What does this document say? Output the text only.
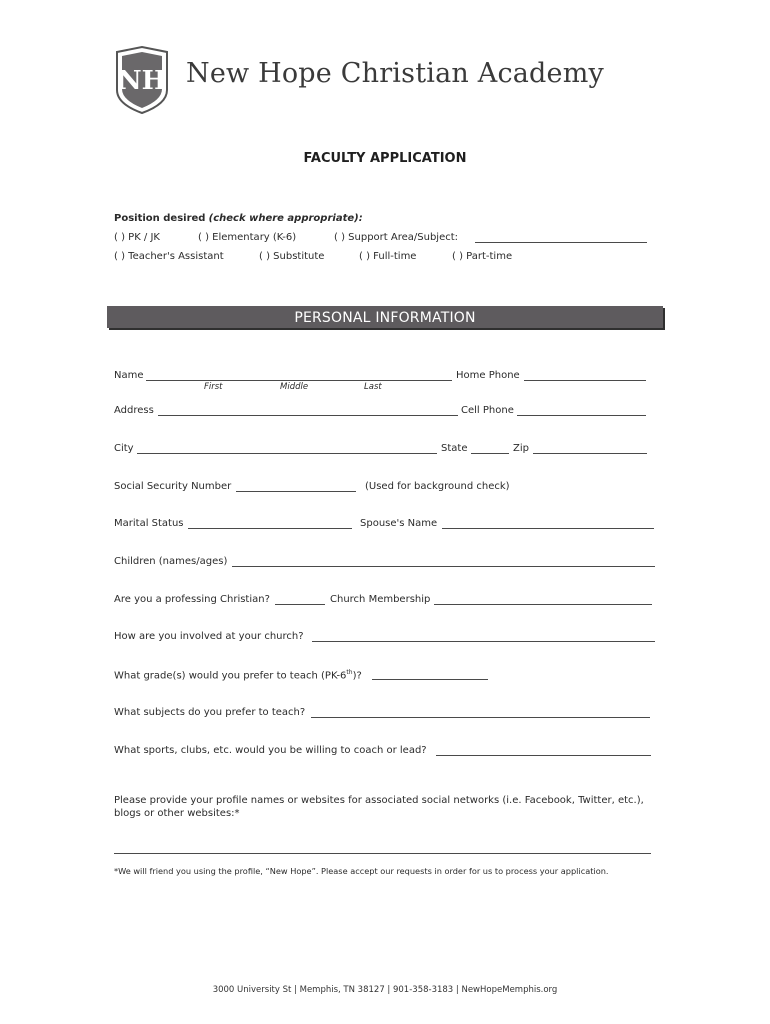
NH New Hope Christian Academy
FACULTY APPLICATION
Position desired (check where appropriate):
( ) PK / JK	( ) Elementary (K-6)	( ) Support Area/Subject:
( ) Teacher's Assistant	( ) Substitute	( ) Full-time	( ) Part-time
PERSONAL INFORMATION
Name	Home Phone
First	Middle	Last
Address	Cell Phone
City	State	Zip
Social Security Number	(Used for background check)
Marital Status	Spouse's Name
Children (names/ages)
Are you a professing Christian?	Church Membership
How are you involved at your church?
What grade(s) would you prefer to teach (PK-6th)?
What subjects do you prefer to teach?
What sports, clubs, etc. would you be willing to coach or lead?
Please provide your profile names or websites for associated social networks (i.e. Facebook, Twitter, etc.),
blogs or other websites:*
*We will friend you using the profile, “New Hope”. Please accept our requests in order for us to process your application.
3000 University St | Memphis, TN 38127 | 901-358-3183 | NewHopeMemphis.org
